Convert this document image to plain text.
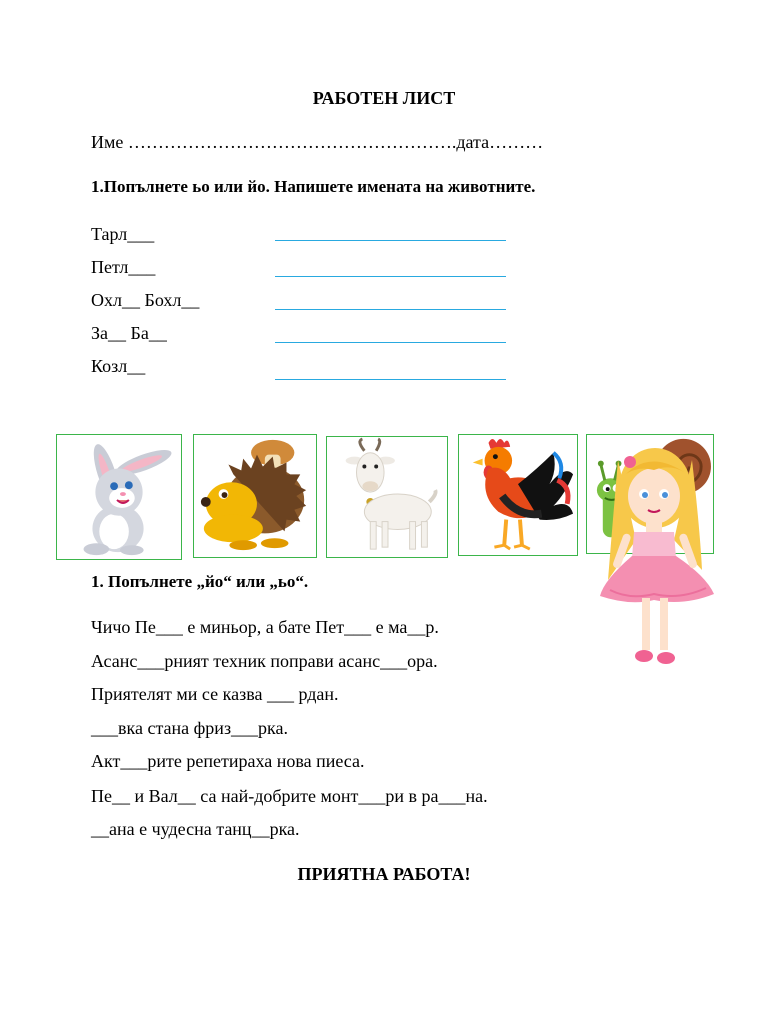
РАБОТЕН ЛИСТ
Име ……………………………………………….дата………
1.Попълнете ьо или йо. Напишете имената на животните.
Тарл___
Петл___
Охл__ Бохл__
За__ Ба__
Козл__
1. Попълнете „йо“ или „ьо“.
Чичо Пе___ е миньор, а бате Пет___ е ма__р.
Асанс___рният техник поправи асанс___ора.
Приятелят ми се казва ___ рдан.
___вка стана фриз___рка.
Акт___рите репетираха нова пиеса.
Пе__ и Вал__ са най-добрите монт___ри в ра___на.
__ана е чудесна танц__рка.
ПРИЯТНА РАБОТА!
